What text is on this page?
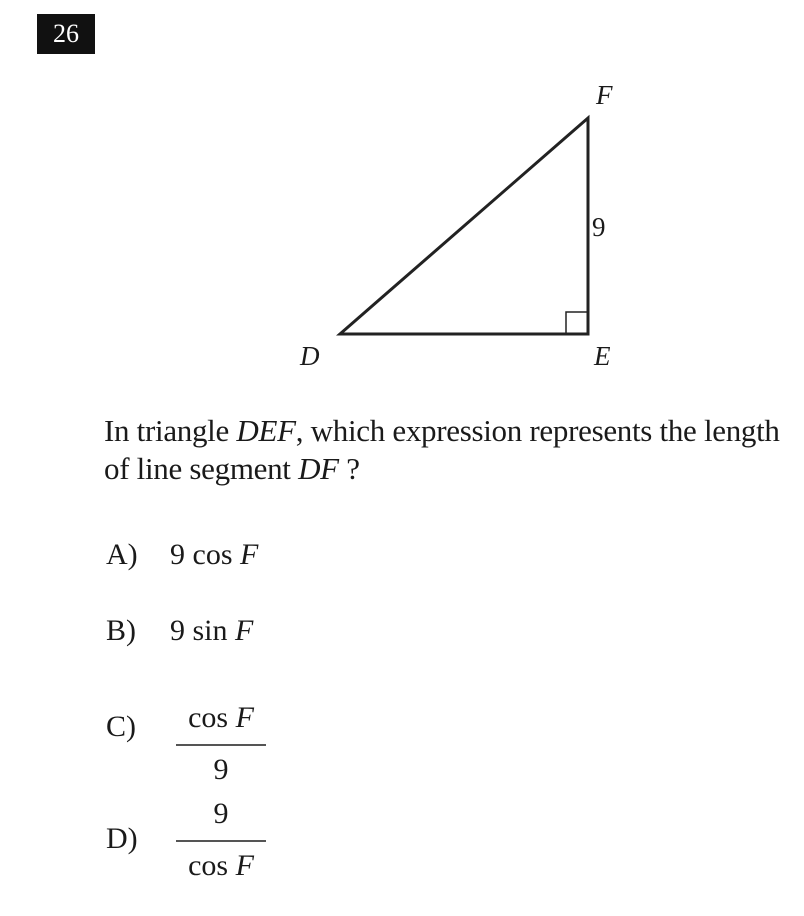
26
F
9
D	E
In triangle DEF, which expression represents the length of line segment DF ?
A) 9 cos F
B) 9 sin F
C) cos F
9
D)
9
cos F
